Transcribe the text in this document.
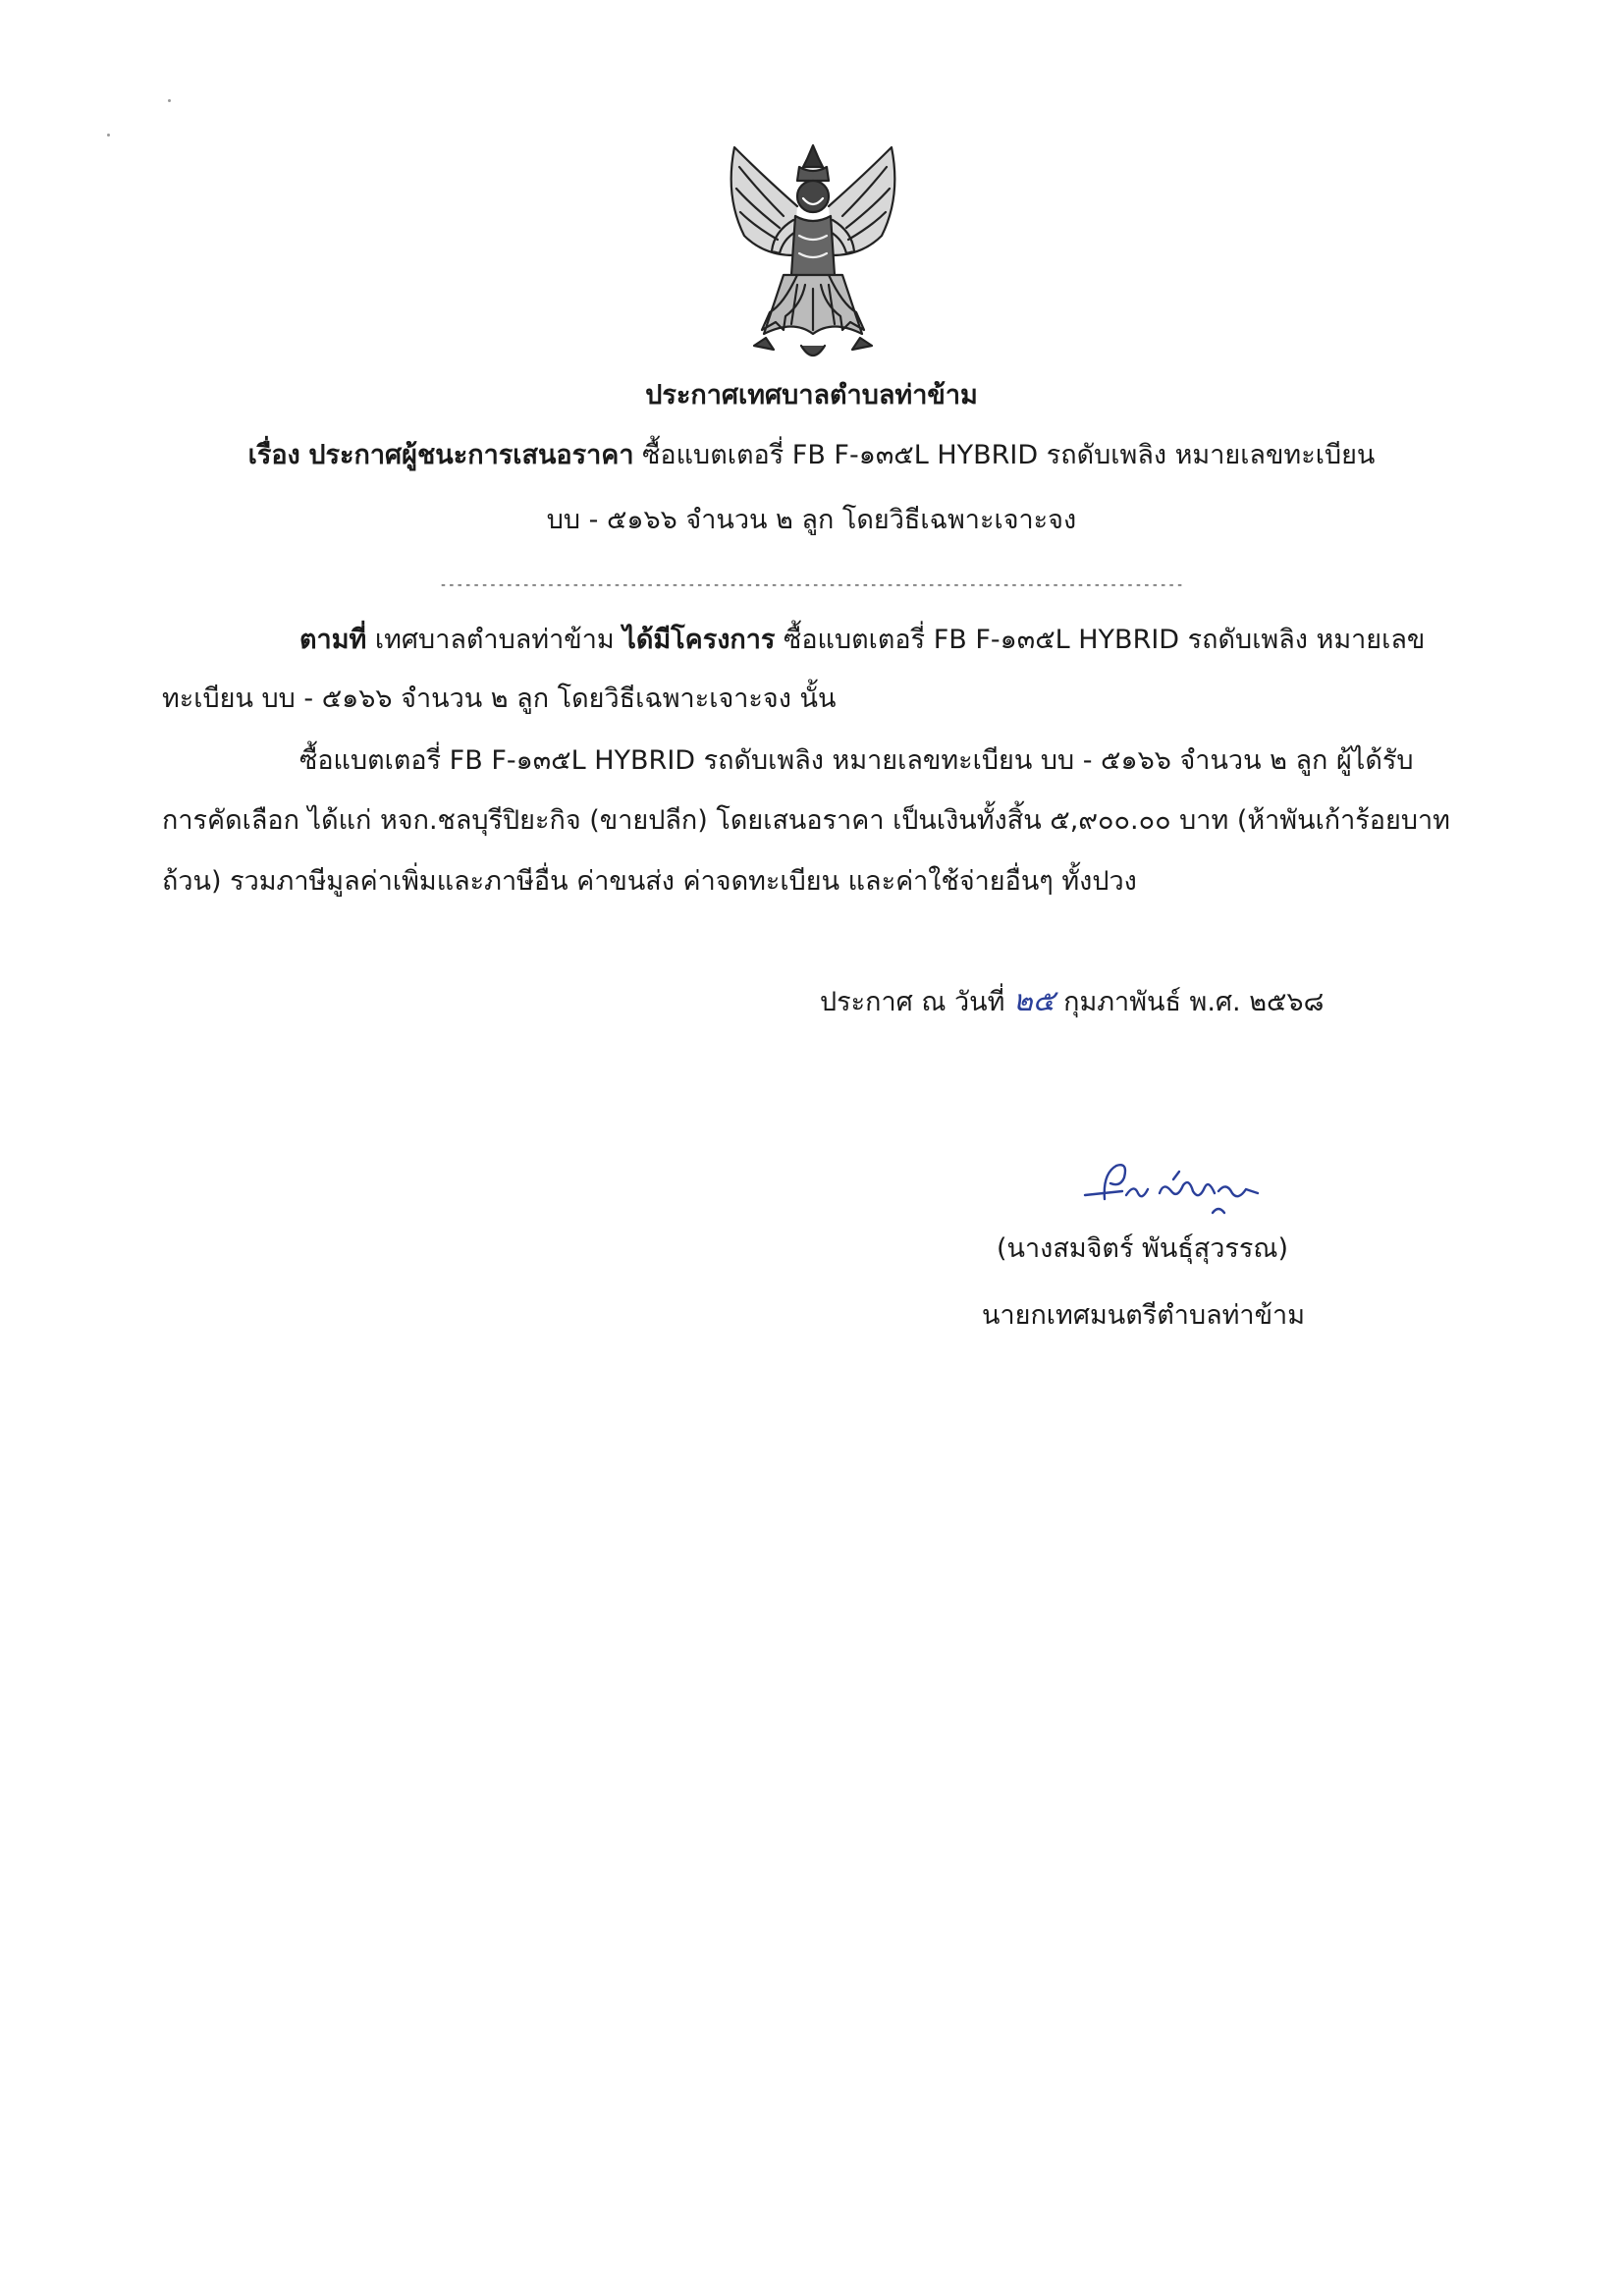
ประกาศเทศบาลตำบลท่าข้าม
เรื่อง ประกาศผู้ชนะการเสนอราคา ซื้อแบตเตอรี่ FB F-๑๓๕L HYBRID รถดับเพลิง หมายเลขทะเบียน
บบ - ๕๑๖๖ จำนวน ๒ ลูก โดยวิธีเฉพาะเจาะจง
------------------------------------------------------------------------------------------
ตามที่ เทศบาลตำบลท่าข้าม ได้มีโครงการ ซื้อแบตเตอรี่ FB F-๑๓๕L HYBRID รถดับเพลิง หมายเลข
ทะเบียน บบ - ๕๑๖๖ จำนวน ๒ ลูก โดยวิธีเฉพาะเจาะจง นั้น
ซื้อแบตเตอรี่ FB F-๑๓๕L HYBRID รถดับเพลิง หมายเลขทะเบียน บบ - ๕๑๖๖ จำนวน ๒ ลูก ผู้ได้รับ
การคัดเลือก ได้แก่ หจก.ชลบุรีปิยะกิจ (ขายปลีก) โดยเสนอราคา เป็นเงินทั้งสิ้น ๕,๙๐๐.๐๐ บาท (ห้าพันเก้าร้อยบาท
ถ้วน) รวมภาษีมูลค่าเพิ่มและภาษีอื่น ค่าขนส่ง ค่าจดทะเบียน และค่าใช้จ่ายอื่นๆ ทั้งปวง
ประกาศ ณ วันที่ ๒๕ กุมภาพันธ์ พ.ศ. ๒๕๖๘
(นางสมจิตร์ พันธุ์สุวรรณ)
นายกเทศมนตรีตำบลท่าข้าม
